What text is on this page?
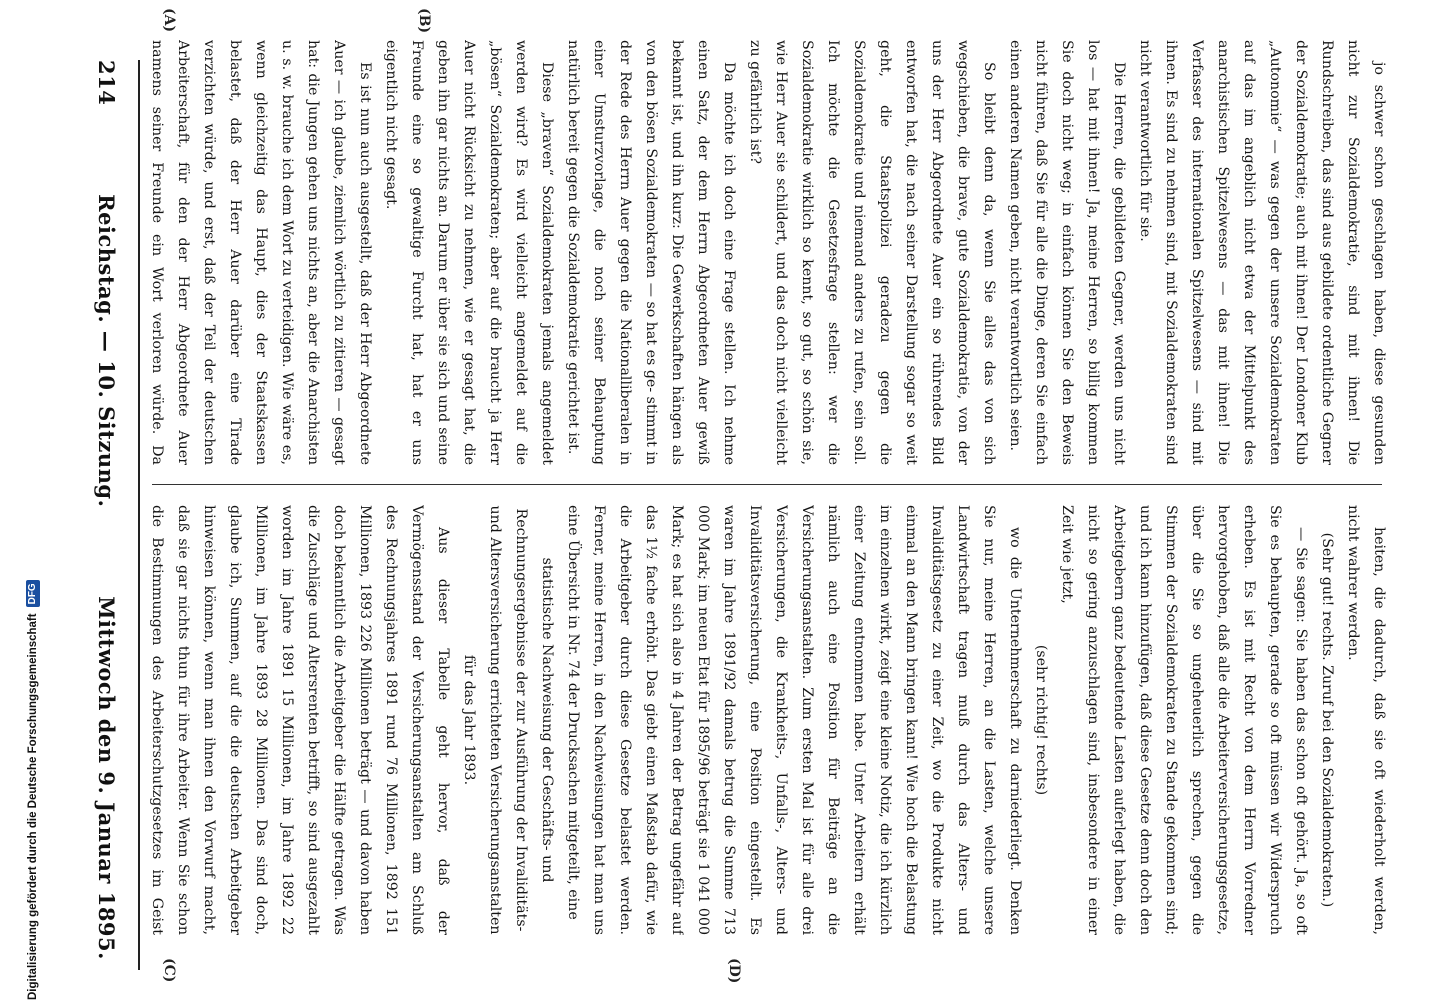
214
Reichstag. — 10. Sitzung.
Mittwoch den 9. Januar 1895.
(A)	(B)
(C)	(D)

jo schwer schon geschlagen haben, diese gesunden nicht zur Sozialdemokratie, sind mit ihnen! Die Rundschreiben, das sind aus gebildete ordentliche Gegner der Sozialdemokratie; auch mit ihnen! Der Londoner Klub „Autonomie“ — was gegen der unsere Sozialdemokraten auf das im angeblich nicht etwa der Mittelpunkt des anarchistischen Spitzelwesens — das mit ihnen! Die Verfasser des internationalen Spitzelwesens — sind mit ihnen. Es sind zu nehmen sind, mit Sozialdemokraten sind nicht verantwortlich für sie.

Die Herren, die gebildeten Gegner, werden uns nicht los — hat mit ihnen! Ja, meine Herren, so billig kommen Sie doch nicht weg; in einfach können Sie den Beweis nicht führen, daß Sie für alle die Dinge, deren Sie einfach einen anderen Namen geben, nicht verantwortlich seien.

So bleibt denn da, wenn Sie alles das von sich wegschieben, die brave, gute Sozialdemokratie, von der uns der Herr Abgeordnete Auer ein so rührendes Bild entworfen hat, die nach seiner Darstellung sogar so weit geht, die Staatspolizei geradezu gegen die Sozialdemokratie und niemand anders zu rufen, sein soll. Ich möchte die Gesetzesfrage stellen: wer die Sozialdemokratie wirklich so kennt, so gut, so schön sie, wie Herr Auer sie schildert, und das doch nicht vielleicht zu gefährlich ist?

Da möchte ich doch eine Frage stellen. Ich nehme einen Satz, der dem Herrn Abgeordneten Auer gewiß bekannt ist, und ihn kurz: Die Gewerkschaften hängen als von den bösen Sozialdemokraten — so hat es ge- stimmt in der Rede des Herrn Auer gegen die Nationalliberalen in einer Umsturzvorlage, die noch seiner Behauptung natürlich bereit gegen die Sozialdemokratie gerichtet ist.

Diese „braven“ Sozialdemokraten jemals angemeldet werden wird? Es wird vielleicht angemeldet auf die „bösen“ Sozialdemokraten; aber auf die braucht ja Herr Auer nicht Rücksicht zu nehmen, wie er gesagt hat, die geben ihn gar nichts an. Darum er über sie sich und seine Freunde eine so gewaltige Furcht hat, hat er uns eigentlich nicht gesagt.

Es ist nun auch ausgestellt, daß der Herr Abgeordnete Auer — ich glaube, ziemlich wörtlich zu zitieren — gesagt hat: die Jungen gehen uns nichts an, aber die Anarchisten u. s. w. brauche ich dem Wort zu verteidigen. Wie wäre es, wenn gleichzeitig das Haupt, dies der Staatskassen belastet, daß der Herr Auer darüber eine Tirade verzichten würde, und erst, daß der Teil der deutschen Arbeiterschaft, für den der Herr Abgeordnete Auer namens seiner Freunde ein Wort verloren würde. Da

heiten, die dadurch, daß sie oft wiederholt werden, nicht wahrer werden.

(Sehr gut! rechts. Zuruf bei den Sozialdemokraten.)

— Sie sagen: Sie haben das schon oft gehört. Ja, so oft Sie es behaupten, gerade so oft müssen wir Widerspruch erheben. Es ist mit Recht von dem Herrn Vorredner hervorgehoben, daß alle die Arbeiterversicherungsgesetze, über die Sie so ungeheuerlich sprechen, gegen die Stimmen der Sozialdemokraten zu Stande gekommen sind; und ich kann hinzufügen, daß diese Gesetze denn doch den Arbeitgebern ganz bedeutende Lasten auferlegt haben, die nicht so gering anzuschlagen sind, insbesondere in einer Zeit wie jetzt,

(sehr richtig! rechts)

wo die Unternehmerschaft zu darniederliegt. Denken Sie nur, meine Herren, an die Lasten, welche unsere Landwirtschaft tragen muß durch das Alters- und Invaliditätsgesetz zu einer Zeit, wo die Produkte nicht einmal an den Mann bringen kann! Wie hoch die Belastung im einzelnen wirkt, zeigt eine kleine Notiz, die ich kürzlich einer Zeitung entnommen habe. Unter Arbeitern erhält nämlich auch eine Position für Beiträge an die Versicherungsanstalten. Zum ersten Mal ist für alle drei Versicherungen, die Krankheits-, Unfalls-, Alters- und Invaliditätsversicherung, eine Position eingestellt. Es waren im Jahre 1891/92 damals betrug die Summe 713 000 Mark; im neuen Etat für 1895/96 beträgt sie 1 041 000 Mark; es hat sich also in 4 Jahren der Betrag ungefähr auf das 1½ fache erhöht. Das giebt einen Maßstab dafür, wie die Arbeitgeber durch diese Gesetze belastet werden. Ferner, meine Herren, in den Nachweisungen hat man uns eine Übersicht in Nr. 74 der Drucksachen mitgeteilt, eine

statistische Nachweisung der Geschäfts- und Rechnungsergebnisse der zur Ausführung der Invaliditäts- und Altersversicherung errichteten Versicherungsanstalten für das Jahr 1893.

Aus dieser Tabelle geht hervor, daß der Vermögensstand der Versicherungsanstalten am Schluß des Rechnungsjahres 1891 rund 76 Millionen, 1892 151 Millionen, 1893 226 Millionen beträgt — und davon haben doch bekanntlich die Arbeitgeber die Hälfte getragen. Was die Zuschläge und Altersrenten betrifft, so sind ausgezahlt worden im Jahre 1891 15 Millionen, im Jahre 1892 22 Millionen, im Jahre 1893 28 Millionen. Das sind doch, glaube ich, Summen, auf die die deutschen Arbeitgeber hinweisen können, wenn man ihnen den Vorwurf macht, daß sie gar nichts thun für ihre Arbeiter. Wenn Sie schon die Bestimmungen des Arbeiterschutzgesetzes im Geist

Digitalisierung gefördert durch die Deutsche Forschungsgemeinschaft
DFG
